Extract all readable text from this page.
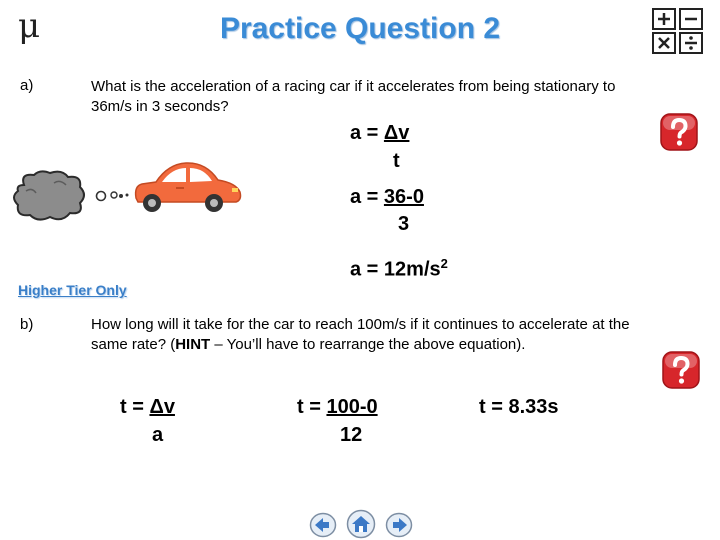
μ	Practice Question 2
a)	What is the acceleration of a racing car if it accelerates from being stationary to
36m/s in 3 seconds?
a = Δv
t
a = 36-0
3
$a = 12m/s^2$
Higher Tier Only
b)	How long will it take for the car to reach 100m/s if it continues to accelerate at the
same rate? (HINT – You’ll have to rearrange the above equation).
t = Δv
a
t = 100-0
12
t = 8.33s
